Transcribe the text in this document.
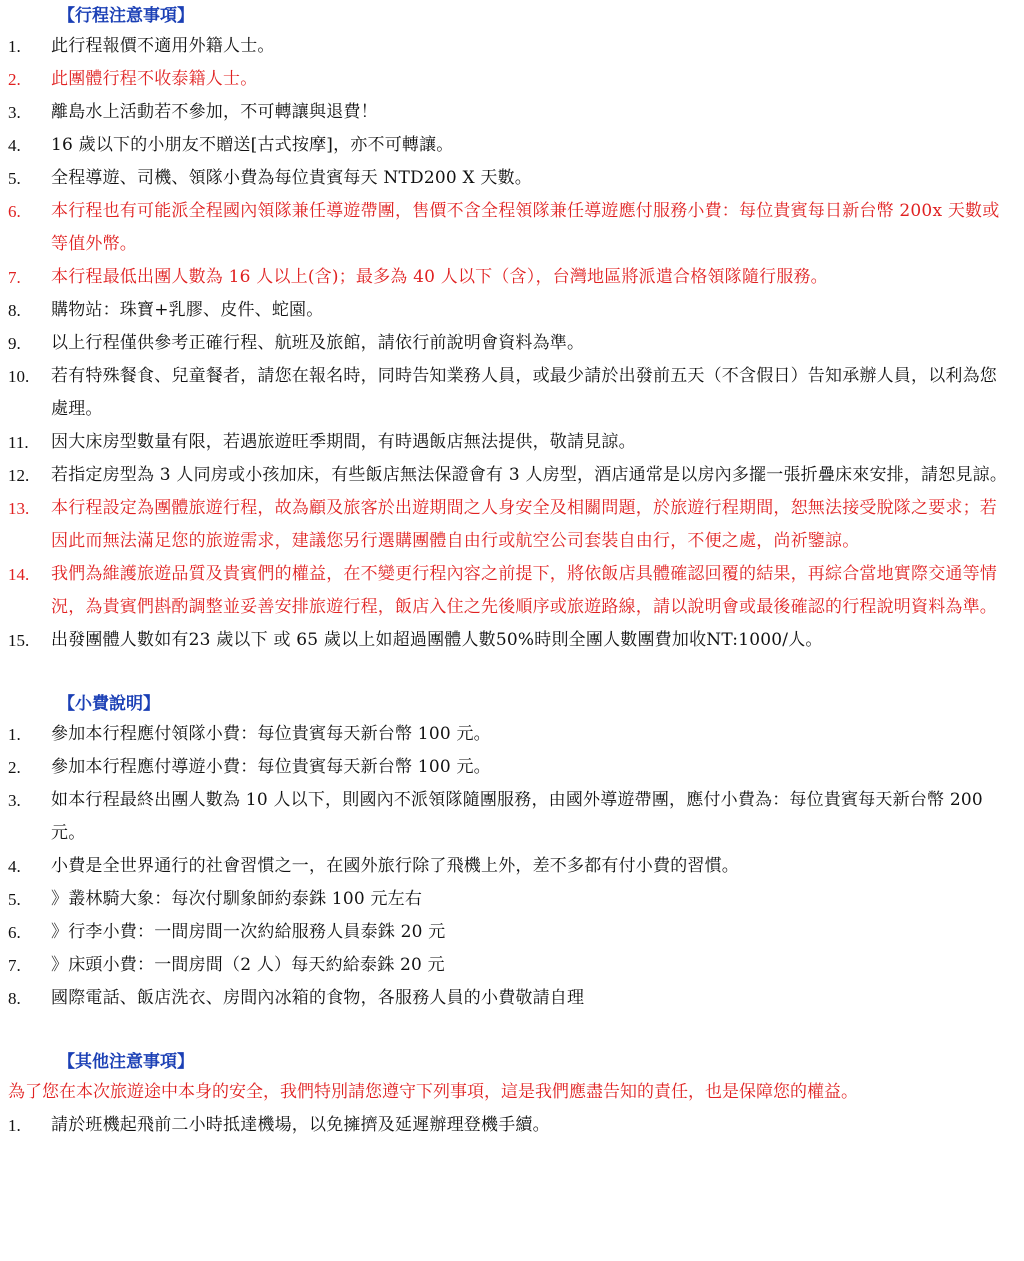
【行程注意事項】
1.	此行程報價不適用外籍人士。
2.	此團體行程不收泰籍人士。
3.	離島水上活動若不參加，不可轉讓與退費！
4.	16 歲以下的小朋友不贈送[古式按摩]，亦不可轉讓。
5.	全程導遊、司機、領隊小費為每位貴賓每天 NTD200 X 天數。
6.	本行程也有可能派全程國內領隊兼任導遊帶團，售價不含全程領隊兼任導遊應付服務小費：每位貴賓每日新台幣 200x 天數或等值外幣。
7.	本行程最低出團人數為 16 人以上(含)；最多為 40 人以下（含），台灣地區將派遣合格領隊隨行服務。
8.	購物站：珠寶+乳膠、皮件、蛇園。
9.	以上行程僅供參考正確行程、航班及旅館，請依行前說明會資料為準。
10.	若有特殊餐食、兒童餐者，請您在報名時，同時告知業務人員，或最少請於出發前五天（不含假日）告知承辦人員，以利為您處理。
11.	因大床房型數量有限，若遇旅遊旺季期間，有時遇飯店無法提供，敬請見諒。
12.	若指定房型為 3 人同房或小孩加床，有些飯店無法保證會有 3 人房型，酒店通常是以房內多擺一張折疊床來安排，請恕見諒。
13.	本行程設定為團體旅遊行程，故為顧及旅客於出遊期間之人身安全及相關問題，於旅遊行程期間，恕無法接受脫隊之要求；若因此而無法滿足您的旅遊需求，建議您另行選購團體自由行或航空公司套裝自由行，不便之處，尚祈鑒諒。
14.	我們為維護旅遊品質及貴賓們的權益，在不變更行程內容之前提下，將依飯店具體確認回覆的結果，再綜合當地實際交通等情況，為貴賓們斟酌調整並妥善安排旅遊行程，飯店入住之先後順序或旅遊路線，請以說明會或最後確認的行程說明資料為準。
15.	出發團體人數如有23 歲以下 或 65 歲以上如超過團體人數50%時則全團人數團費加收NT:1000/人。
【小費說明】
1.	參加本行程應付領隊小費：每位貴賓每天新台幣 100 元。
2.	參加本行程應付導遊小費：每位貴賓每天新台幣 100 元。
3.	如本行程最終出團人數為 10 人以下，則國內不派領隊隨團服務，由國外導遊帶團，應付小費為：每位貴賓每天新台幣 200 元。
4.	小費是全世界通行的社會習慣之一，在國外旅行除了飛機上外，差不多都有付小費的習慣。
5.	》叢林騎大象：每次付馴象師約泰銖 100 元左右
6.	》行李小費：一間房間一次約給服務人員泰銖 20 元
7.	》床頭小費：一間房間（2 人）每天約給泰銖 20 元
8.	國際電話、飯店洗衣、房間內冰箱的食物，各服務人員的小費敬請自理
【其他注意事項】
為了您在本次旅遊途中本身的安全，我們特別請您遵守下列事項，這是我們應盡告知的責任，也是保障您的權益。
1.	請於班機起飛前二小時抵達機場，以免擁擠及延遲辦理登機手續。
